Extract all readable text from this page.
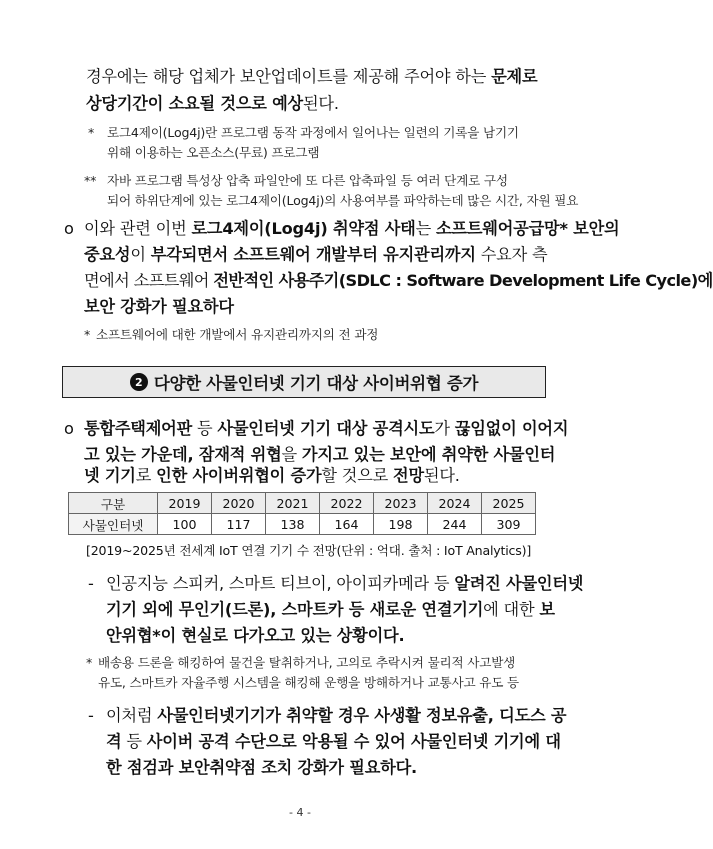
경우에는 해당 업체가 보안업데이트를 제공해 주어야 하는 문제로
상당기간이 소요될 것으로 예상된다.
* 로그4제이(Log4j)란 프로그램 동작 과정에서 일어나는 일련의 기록을 남기기
위해 이용하는 오픈소스(무료) 프로그램
** 자바 프로그램 특성상 압축 파일안에 또 다른 압축파일 등 여러 단계로 구성
되어 하위단계에 있는 로그4제이(Log4j)의 사용여부를 파악하는데 많은 시간, 자원 필요
o 이와 관련 이번 로그4제이(Log4j) 취약점 사태는 소프트웨어공급망* 보안의
중요성이 부각되면서 소프트웨어 개발부터 유지관리까지 수요자 측
면에서 소프트웨어 전반적인 사용주기(SDLC : Software Development Life Cycle)에
보안 강화가 필요하다
* 소프트웨어에 대한 개발에서 유지관리까지의 전 과정
2 다양한 사물인터넷 기기 대상 사이버위협 증가
o 통합주택제어판 등 사물인터넷 기기 대상 공격시도가 끊임없이 이어지
고 있는 가운데, 잠재적 위협을 가지고 있는 보안에 취약한 사물인터
넷 기기로 인한 사이버위협이 증가할 것으로 전망된다.
구분	2019	2020	2021	2022	2023	2024	2025
사물인터넷	100	117	138	164	198	244	309
[2019~2025년 전세계 IoT 연결 기기 수 전망(단위 : 억대. 출처 : IoT Analytics)]
- 인공지능 스피커, 스마트 티브이, 아이피카메라 등 알려진 사물인터넷
기기 외에 무인기(드론), 스마트카 등 새로운 연결기기에 대한 보
안위협*이 현실로 다가오고 있는 상황이다.
* 배송용 드론을 해킹하여 물건을 탈취하거나, 고의로 추락시켜 물리적 사고발생
유도, 스마트카 자율주행 시스템을 해킹해 운행을 방해하거나 교통사고 유도 등
- 이처럼 사물인터넷기기가 취약할 경우 사생활 정보유출, 디도스 공
격 등 사이버 공격 수단으로 악용될 수 있어 사물인터넷 기기에 대
한 점검과 보안취약점 조치 강화가 필요하다.
- 4 -
